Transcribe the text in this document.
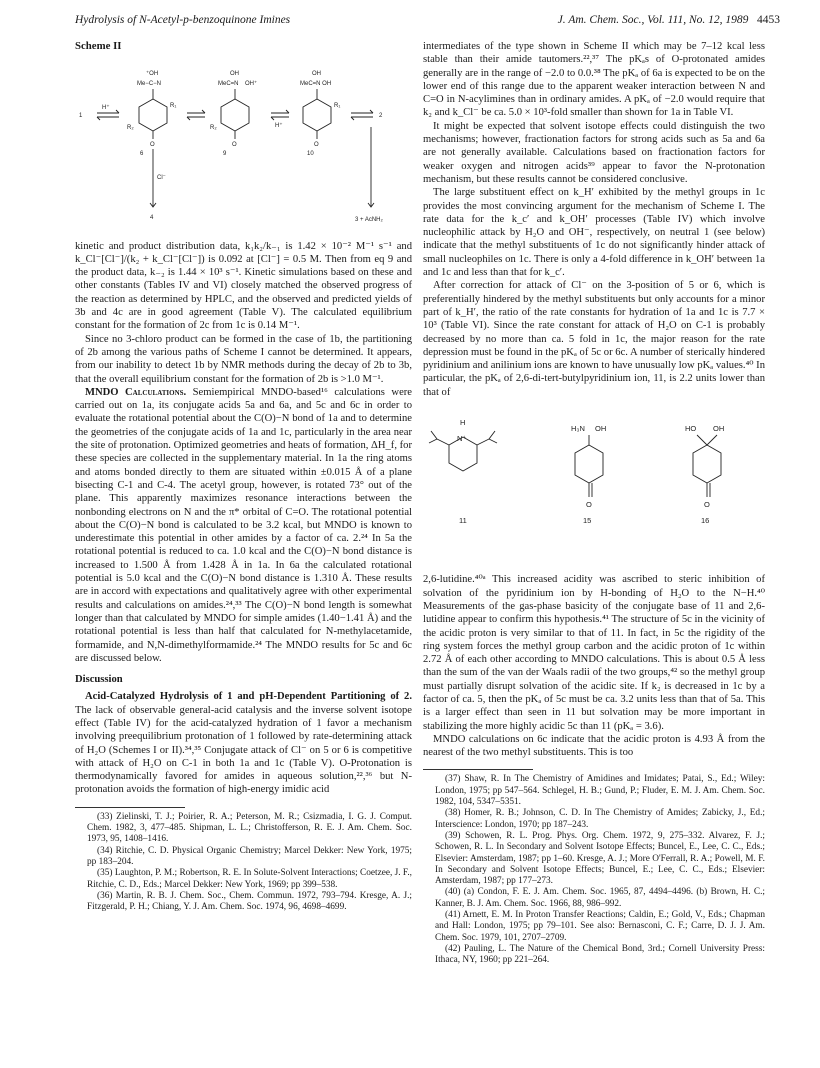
Hydrolysis of N-Acetyl-p-benzoquinone Imines	J. Am. Chem. Soc., Vol. 111, No. 12, 1989 4453
Scheme II
1
H⁺
⁺OH
Me−C−N
R₁
R₂
O
6
OH
MeC=N OH⁺
R₂
O
9
H⁺
OH
MeC=N OH
R₁
O
10
2
Cl⁻
4	3 + AcNH₂

kinetic and product distribution data, k₁k₂/k₋₁ is 1.42 × 10⁻² M⁻¹ s⁻¹ and k_Cl⁻[Cl⁻]/(k₂ + k_Cl⁻[Cl⁻]) is 0.092 at [Cl⁻] = 0.5 M. Then from eq 9 and the product data, k₋₂ is 1.44 × 10³ s⁻¹. Kinetic simulations based on these and other constants (Tables IV and VI) closely matched the observed progress of the reaction as determined by HPLC, and the observed and predicted yields of 3b and 4c are in good agreement (Table V). The calculated equilibrium constant for the formation of 2c from 1c is 0.14 M⁻¹.

Since no 3-chloro product can be formed in the case of 1b, the partitioning of 2b among the various paths of Scheme I cannot be determined. It appears, from our inability to detect 1b by NMR methods during the decay of 2b to 3b, that the overall equilibrium constant for the formation of 2b is >1.0 M⁻¹.

MNDO Calculations. Semiempirical MNDO-based¹⁶ calculations were carried out on 1a, its conjugate acids 5a and 6a, and 5c and 6c in order to evaluate the rotational potential about the C(O)−N bond of 1a and to determine the geometries of the conjugate acids of 1a and 1c, particularly in the area near the site of protonation. Optimized geometries and heats of formation, ΔH_f, for these species are collected in the supplementary material. In 1a the ring atoms and atoms bonded directly to them are situated within ±0.015 Å of a plane bisecting C-1 and C-4. The acetyl group, however, is rotated 73° out of the plane. This apparently maximizes resonance interactions between the nonbonding electrons on N and the π* orbital of C=O. The rotational potential about the C(O)−N bond is calculated to be 3.2 kcal, but MNDO is known to underestimate this potential in other amides by a factor of ca. 2.²⁴ In 5a the rotational potential is reduced to ca. 1.0 kcal and the C(O)−N bond distance is increased to 1.500 Å from 1.428 Å in 1a. In 6a the calculated rotational potential is 5.0 kcal and the C(O)−N bond distance is 1.310 Å. These results are in accord with expectations and qualitatively agree with other experimental results and calculations on amides.²⁴,³³ The C(O)−N bond length is somewhat longer than that calculated by MNDO for simple amides (1.40−1.41 Å) and the rotational potential is less than half that calculated for N-methylacetamide, formamide, and N,N-dimethylformamide.²⁴ The MNDO results for 5c and 6c are discussed below.

Discussion

Acid-Catalyzed Hydrolysis of 1 and pH-Dependent Partitioning of 2. The lack of observable general-acid catalysis and the inverse solvent isotope effect (Table IV) for the acid-catalyzed hydration of 1 favor a mechanism involving preequilibrium protonation of 1 followed by rate-determining attack of H₂O (Schemes I or II).³⁴,³⁵ Conjugate attack of Cl⁻ on 5 or 6 is competitive with attack of H₂O on C-1 in both 1a and 1c (Table V). O-Protonation is thermodynamically favored for amides in aqueous solution,²²,³⁶ but N-protonation avoids the formation of high-energy imidic acid

(33) Zielinski, T. J.; Poirier, R. A.; Peterson, M. R.; Csizmadia, I. G. J. Comput. Chem. 1982, 3, 477–485. Shipman, L. L.; Christofferson, R. E. J. Am. Chem. Soc. 1973, 95, 1408–1416.

(34) Ritchie, C. D. Physical Organic Chemistry; Marcel Dekker: New York, 1975; pp 183–204.

(35) Laughton, P. M.; Robertson, R. E. In Solute-Solvent Interactions; Coetzee, J. F., Ritchie, C. D., Eds.; Marcel Dekker: New York, 1969; pp 399–538.

(36) Martin, R. B. J. Chem. Soc., Chem. Commun. 1972, 793–794. Kresge, A. J.; Fitzgerald, P. H.; Chiang, Y. J. Am. Chem. Soc. 1974, 96, 4698–4699.

intermediates of the type shown in Scheme II which may be 7–12 kcal less stable than their amide tautomers.²²,³⁷ The pKₐs of O-protonated amides generally are in the range of −2.0 to 0.0.³⁸ The pKₐ of 6a is expected to be on the lower end of this range due to the apparent weaker interaction between N and C=O in N-acylimines than in ordinary amides. A pKₐ of −2.0 would require that k₂ and k_Cl⁻ be ca. 5.0 × 10³-fold smaller than shown for 1a in Table VI.

It might be expected that solvent isotope effects could distinguish the two mechanisms; however, fractionation factors for strong acids such as 5a and 6a are not generally available. Calculations based on fractionation factors for weaker oxygen and nitrogen acids³⁹ appear to favor the N-protonation mechanism, but these results cannot be considered conclusive.

The large substituent effect on k_H′ exhibited by the methyl groups in 1c provides the most convincing argument for the mechanism of Scheme I. The rate data for the k_c′ and k_OH′ processes (Table IV) which involve nucleophilic attack by H₂O and OH⁻, respectively, on neutral 1 (see below) indicate that the methyl substituents of 1c do not significantly hinder attack of small nucleophiles on 1c. There is only a 4-fold difference in k_OH′ between 1a and 1c and less than that for k_c′.

After correction for attack of Cl⁻ on the 3-position of 5 or 6, which is preferentially hindered by the methyl substituents but only accounts for a minor part of k_H′, the ratio of the rate constants for hydration of 1a and 1c is 7.7 × 10³ (Table VI). Since the rate constant for attack of H₂O on C-1 is probably decreased by no more than ca. 5 fold in 1c, the major reason for the rate depression must be found in the pKₐ of 5c or 6c. A number of sterically hindered pyridinium and anilinium ions are known to have unusually low pKₐ values.⁴⁰ In particular, the pKₐ of 2,6-di-tert-butylpyridinium ion, 11, is 2.2 units lower than that of

H
N⁺
H₃N OH
O
HO OH
O
11	15	16

2,6-lutidine.⁴⁰ᵃ This increased acidity was ascribed to steric inhibition of solvation of the pyridinium ion by H-bonding of H₂O to the N−H.⁴⁰ Measurements of the gas-phase basicity of the conjugate base of 11 and 2,6-lutidine appear to confirm this hypothesis.⁴¹ The structure of 5c in the vicinity of the acidic proton is very similar to that of 11. In fact, in 5c the rigidity of the ring system forces the methyl group carbon and the acidic proton of 1c within 2.72 Å of each other according to MNDO calculations. This is about 0.5 Å less than the sum of the van der Waals radii of the two groups,⁴² so the methyl group must partially disrupt solvation of the acidic site. If k₂ is decreased in 1c by a factor of ca. 5, then the pKₐ of 5c must be ca. 3.2 units less than that of 5a. This is a larger effect than seen in 11 but solvation may be more important in stabilizing the more highly acidic 5c than 11 (pKₐ = 3.6).

MNDO calculations on 6c indicate that the acidic proton is 4.93 Å from the nearest of the two methyl substituents. This is too

(37) Shaw, R. In The Chemistry of Amidines and Imidates; Patai, S., Ed.; Wiley: London, 1975; pp 547–564. Schlegel, H. B.; Gund, P.; Fluder, E. M. J. Am. Chem. Soc. 1982, 104, 5347–5351.

(38) Homer, R. B.; Johnson, C. D. In The Chemistry of Amides; Zabicky, J., Ed.; Interscience: London, 1970; pp 187–243.

(39) Schowen, R. L. Prog. Phys. Org. Chem. 1972, 9, 275–332. Alvarez, F. J.; Schowen, R. L. In Secondary and Solvent Isotope Effects; Buncel, E., Lee, C. C., Eds.; Elsevier: Amsterdam, 1987; pp 1–60. Kresge, A. J.; More O'Ferrall, R. A.; Powell, M. F. In Secondary and Solvent Isotope Effects; Buncel, E.; Lee, C. C., Eds.; Elsevier: Amsterdam, 1987; pp 177–273.

(40) (a) Condon, F. E. J. Am. Chem. Soc. 1965, 87, 4494–4496. (b) Brown, H. C.; Kanner, B. J. Am. Chem. Soc. 1966, 88, 986–992.

(41) Arnett, E. M. In Proton Transfer Reactions; Caldin, E.; Gold, V., Eds.; Chapman and Hall: London, 1975; pp 79–101. See also: Bernasconi, C. F.; Carre, D. J. J. Am. Chem. Soc. 1979, 101, 2707–2709.

(42) Pauling, L. The Nature of the Chemical Bond, 3rd.; Cornell University Press: Ithaca, NY, 1960; pp 221–264.
